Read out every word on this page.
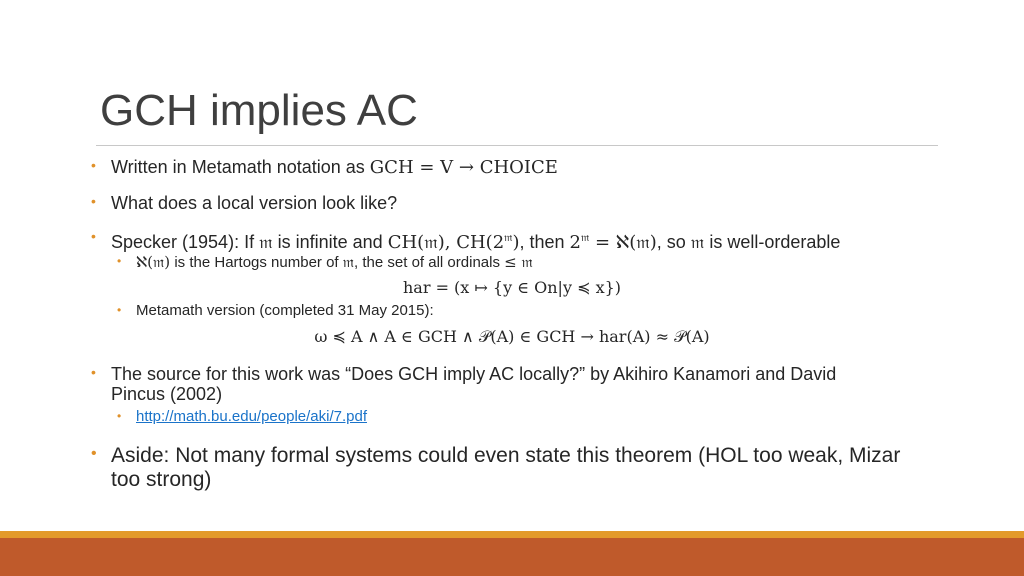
GCH implies AC
• Written in Metamath notation as GCH = V → CHOICE
• What does a local version look like?
• Specker (1954): If 𝔪 is infinite and CH(𝔪), $CH(2^𝔪)$, then $2^𝔪$ = ℵ(𝔪), so 𝔪 is well-orderable
• ℵ(𝔪) is the Hartogs number of 𝔪, the set of all ordinals ≤ 𝔪
har = (x ↦ {y ∈ On|y ≼ x})
• Metamath version (completed 31 May 2015):
ω ≼ A ∧ A ∈ GCH ∧ 𝒫(A) ∈ GCH → har(A) ≈ 𝒫(A)
• The source for this work was “Does GCH imply AC locally?” by Akihiro Kanamori and David
Pincus (2002)
• http://math.bu.edu/people/aki/7.pdf
• Aside: Not many formal systems could even state this theorem (HOL too weak, Mizar
too strong)
